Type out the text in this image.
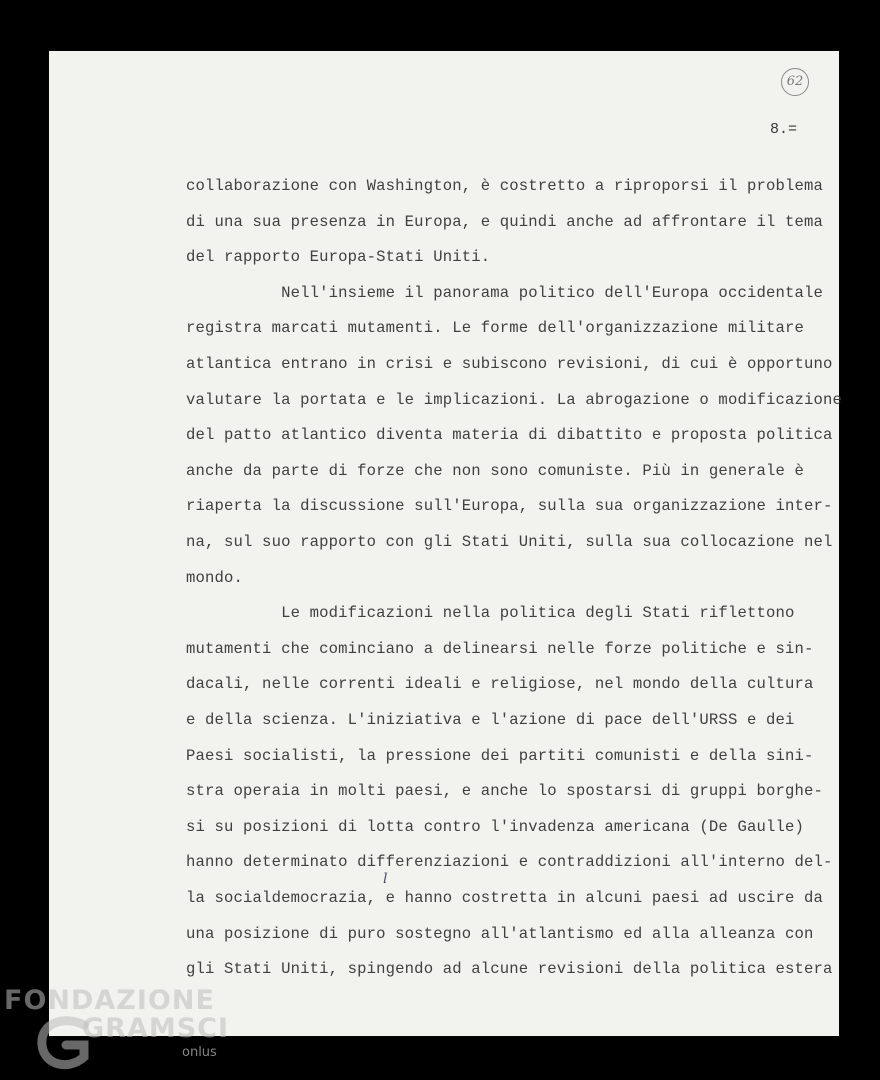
62
8.=
collaborazione con Washington, è costretto a riproporsi il problema
di una sua presenza in Europa, e quindi anche ad affrontare il tema
del rapporto Europa-Stati Uniti.
Nell'insieme il panorama politico dell'Europa occidentale
registra marcati mutamenti. Le forme dell'organizzazione militare
atlantica entrano in crisi e subiscono revisioni, di cui è opportuno
valutare la portata e le implicazioni. La abrogazione o modificazione
del patto atlantico diventa materia di dibattito e proposta politica
anche da parte di forze che non sono comuniste. Più in generale è
riaperta la discussione sull'Europa, sulla sua organizzazione inter-
na, sul suo rapporto con gli Stati Uniti, sulla sua collocazione nel
mondo.
Le modificazioni nella politica degli Stati riflettono
mutamenti che cominciano a delinearsi nelle forze politiche e sin-
dacali, nelle correnti ideali e religiose, nel mondo della cultura
e della scienza. L'iniziativa e l'azione di pace dell'URSS e dei
Paesi socialisti, la pressione dei partiti comunisti e della sini-
stra operaia in molti paesi, e anche lo spostarsi di gruppi borghe-
si su posizioni di lotta contro l'invadenza americana (De Gaulle)
hanno determinato differenziazioni e contraddizioni all'interno del-
la socialdemocrazia, e hanno costretta in alcuni paesi ad uscire da
una posizione di puro sostegno all'atlantismo ed alla alleanza con
gli Stati Uniti, spingendo ad alcune revisioni della politica estera
l
FONDAZIONE
GRAMSCI
onlus
